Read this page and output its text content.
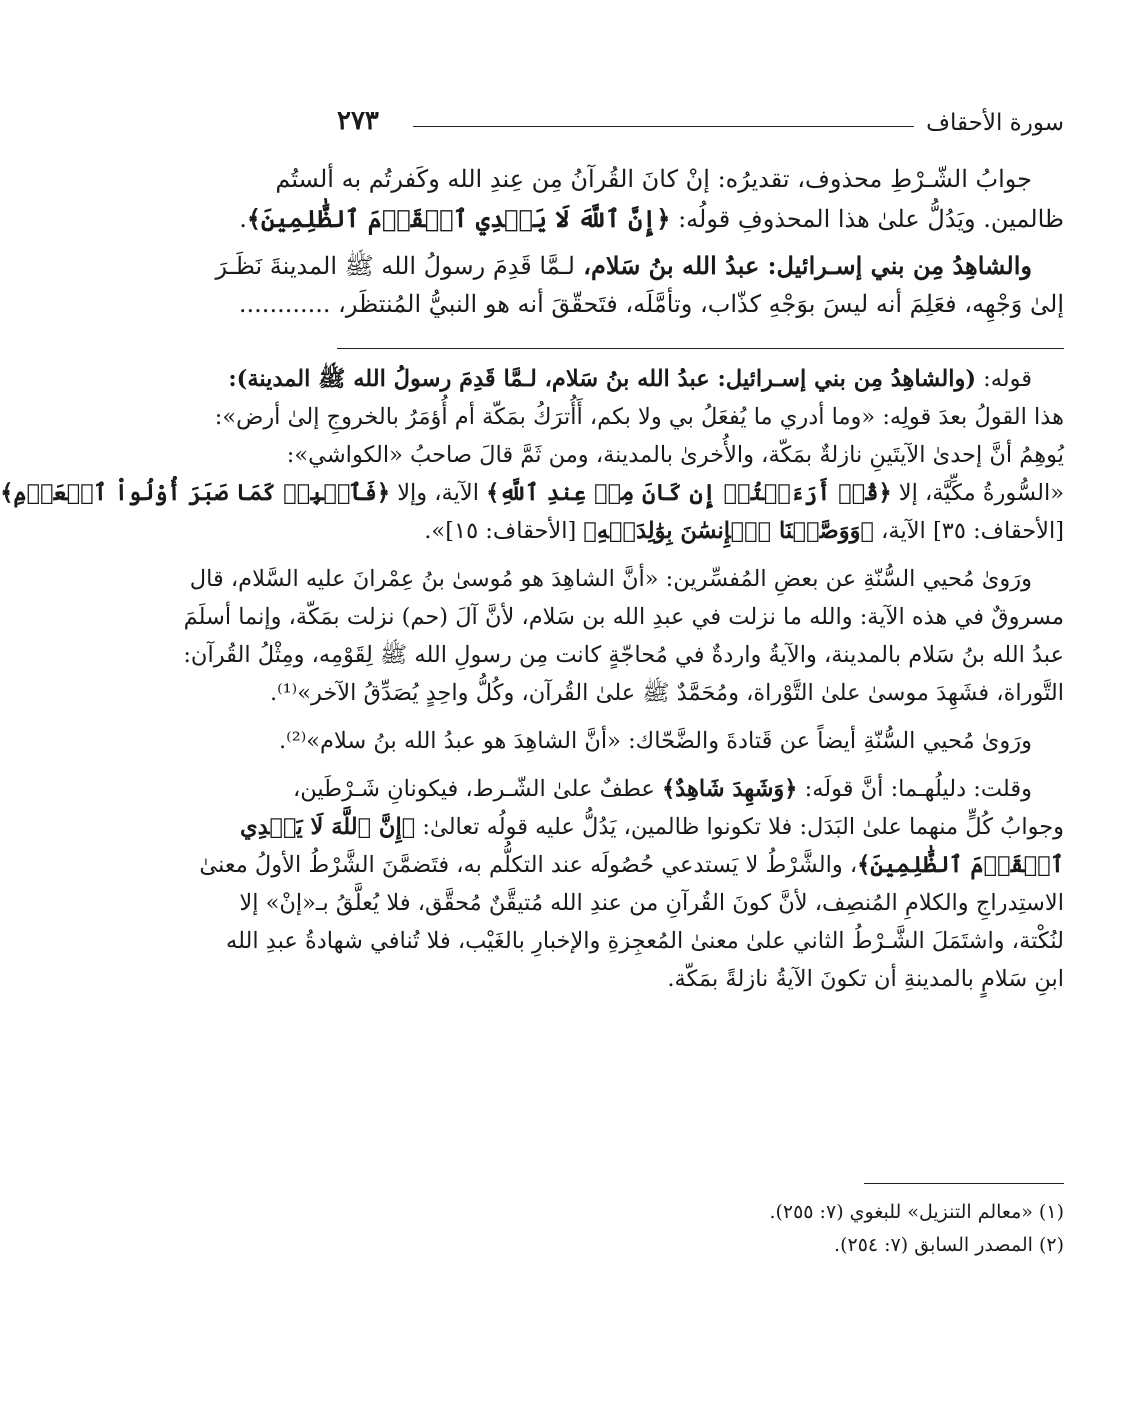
سورة الأحقاف
٢٧٣
جوابُ الشّـرْطِ محذوف، تقديرُه: إنْ كانَ القُرآنُ مِن عِندِ الله وكَفرتُم به ألستُم
ظالمين. ويَدُلُّ علىٰ هذا المحذوفِ قولُه: ﴿إِنَّ ٱللَّهَ لَا يَهۡدِي ٱلۡقَوۡمَ ٱلظَّٰلِمِينَ﴾.
والشاهِدُ مِن بني إسـرائيل: عبدُ الله بنُ سَلام، لـمَّا قَدِمَ رسولُ الله ﷺ المدينةَ نَظَـرَ
إلىٰ وَجْهِه، فعَلِمَ أنه ليسَ بوَجْهِ كذّاب، وتأمَّلَه، فتَحقّقَ أنه هو النبيُّ المُنتظَر، ............
قوله: (والشاهِدُ مِن بني إسـرائيل: عبدُ الله بنُ سَلام، لـمَّا قَدِمَ رسولُ الله ﷺ المدينة):
هذا القولُ بعدَ قولِه: «وما أدري ما يُفعَلُ بي ولا بكم، أَأُترَكُ بمَكّة أم أُؤمَرُ بالخروجِ إلىٰ أرض»:
يُوهِمُ أنَّ إحدىٰ الآيتَينِ نازلةٌ بمَكّة، والأُخرىٰ بالمدينة، ومن ثَمَّ قالَ صاحبُ «الكواشي»:
«السُّورةُ مكِّيَّة، إلا ﴿قُلۡ أَرَءَيۡتُمۡ إِن كَانَ مِنۡ عِندِ ٱللَّهِ﴾ الآية، وإلا ﴿فَٱصۡبِرۡ كَمَا صَبَرَ أُوْلُواْ ٱلۡعَزۡمِ﴾
[الأحقاف: ٣٥] الآية، ﴿وَوَصَّيۡنَا ٱلۡإِنسَٰنَ بِوَٰلِدَيۡهِ﴾ [الأحقاف: ١٥]».
ورَوىٰ مُحيي السُّنّةِ عن بعضِ المُفسِّرين: «أنَّ الشاهِدَ هو مُوسىٰ بنُ عِمْرانَ عليه السَّلام، قال
مسروقٌ في هذه الآية: والله ما نزلت في عبدِ الله بن سَلام، لأنَّ آلَ (حم) نزلت بمَكّة، وإنما أسلَمَ
عبدُ الله بنُ سَلام بالمدينة، والآيةُ واردةٌ في مُحاجّةٍ كانت مِن رسولِ الله ﷺ لِقَوْمِه، ومِثْلُ القُرآن:
التَّوراة، فشَهِدَ موسىٰ علىٰ التَّوْراة، ومُحَمَّدٌ ﷺ علىٰ القُرآن، وكُلُّ واحِدٍ يُصَدِّقُ الآخر»⁽¹⁾.
ورَوىٰ مُحيي السُّنّةِ أيضاً عن قَتادةَ والضَّحّاك: «أنَّ الشاهِدَ هو عبدُ الله بنُ سلام»⁽²⁾.
وقلت: دليلُهـما: أنَّ قولَه: ﴿وَشَهِدَ شَاهِدٌ﴾ عطفٌ علىٰ الشّـرط، فيكونانِ شَـرْطَين،
وجوابُ كُلٍّ منهما علىٰ البَدَل: فلا تكونوا ظالمين، يَدُلُّ عليه قولُه تعالىٰ: ﴿إِنَّ ٱللَّهَ لَا يَهۡدِي
ٱلۡقَوۡمَ ٱلظَّٰلِمِينَ﴾، والشَّرْطُ لا يَستدعي حُصُولَه عند التكلُّم به، فتَضمَّنَ الشَّرْطُ الأولُ معنىٰ
الاستِدراجِ والكلامِ المُنصِف، لأنَّ كونَ القُرآنِ من عندِ الله مُتيقَّنٌ مُحقَّق، فلا يُعلَّقُ بـ«إنْ» إلا
لنُكْتة، واشتَمَلَ الشَّـرْطُ الثاني علىٰ معنىٰ المُعجِزةِ والإخبارِ بالغَيْب، فلا تُنافي شهادةُ عبدِ الله
ابنِ سَلامٍ بالمدينةِ أن تكونَ الآيةُ نازلةً بمَكّة.
(١) «معالم التنزيل» للبغوي (٧: ٢٥٥).
(٢) المصدر السابق (٧: ٢٥٤).
